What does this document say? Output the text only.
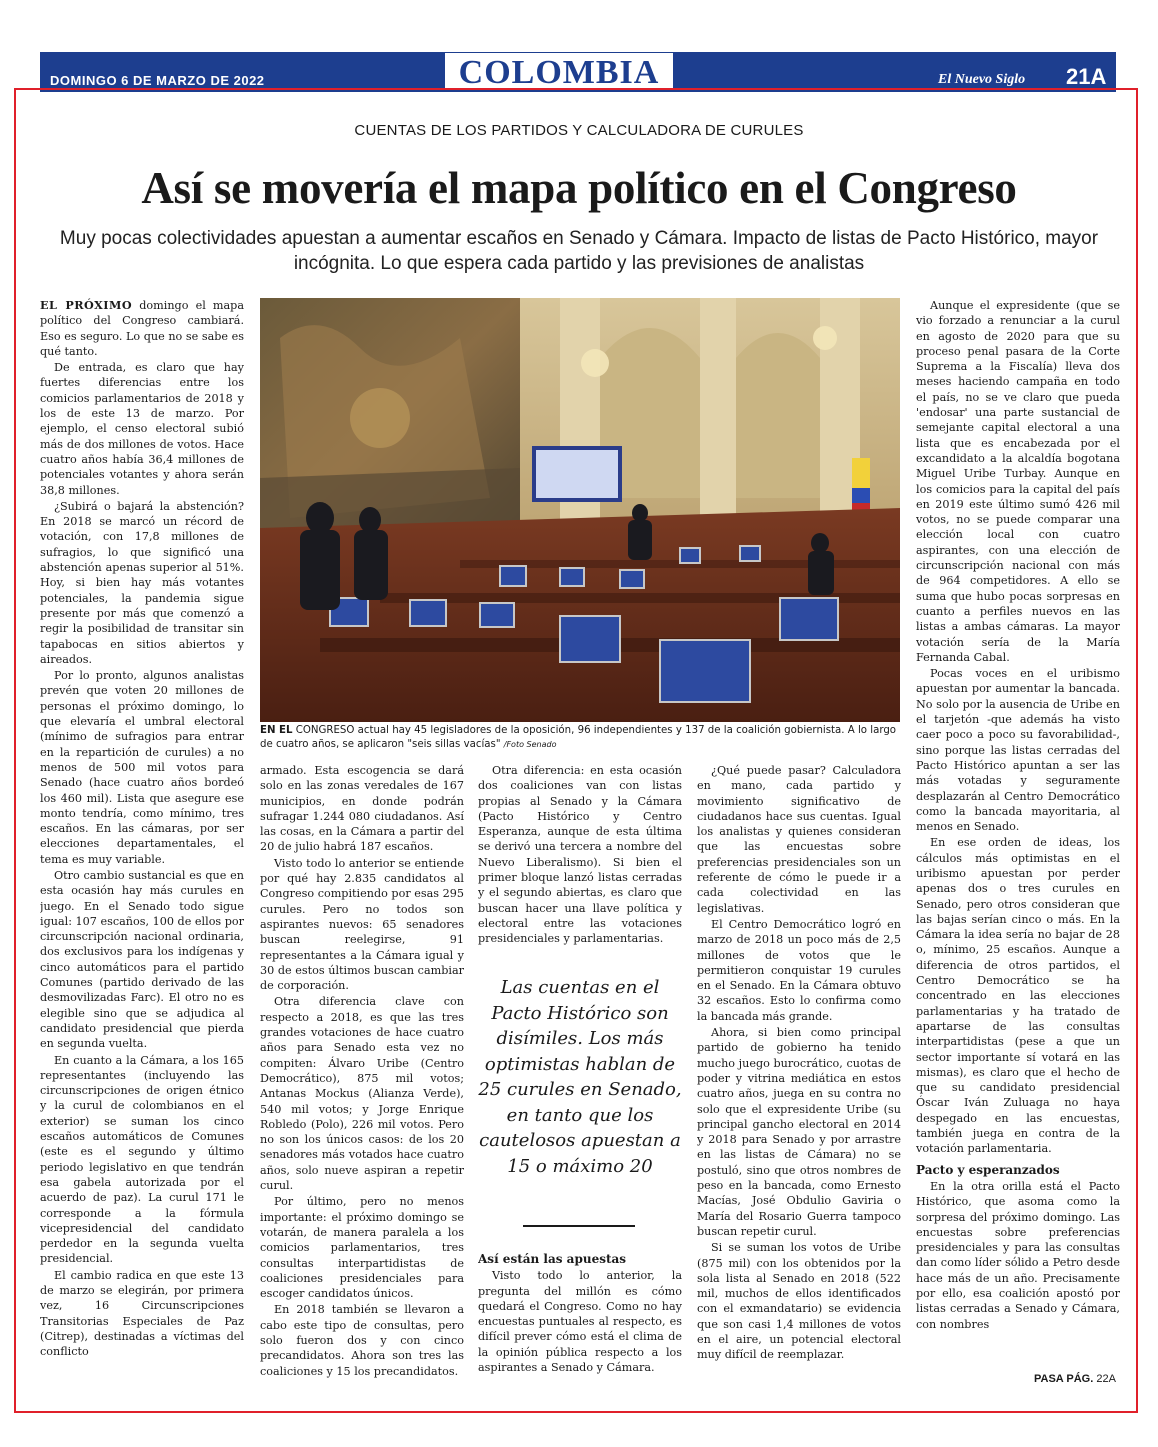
DOMINGO 6 DE MARZO DE 2022	COLOMBIA	El Nuevo Siglo 21A
CUENTAS DE LOS PARTIDOS Y CALCULADORA DE CURULES
Así se movería el mapa político en el Congreso
Muy pocas colectividades apuestan a aumentar escaños en Senado y Cámara. Impacto de listas de Pacto Histórico, mayor incógnita. Lo que espera cada partido y las previsiones de analistas

EL PRÓXIMO domingo el mapa político del Congreso cambiará. Eso es seguro. Lo que no se sabe es qué tanto.

De entrada, es claro que hay fuertes diferencias entre los comicios parlamentarios de 2018 y los de este 13 de marzo. Por ejemplo, el censo electoral subió más de dos millones de votos. Hace cuatro años había 36,4 millones de potenciales votantes y ahora serán 38,8 millones.

¿Subirá o bajará la abstención? En 2018 se marcó un récord de votación, con 17,8 millones de sufragios, lo que significó una abstención apenas superior al 51%. Hoy, si bien hay más votantes potenciales, la pandemia sigue presente por más que comenzó a regir la posibilidad de transitar sin tapabocas en sitios abiertos y aireados.

Por lo pronto, algunos analistas prevén que voten 20 millones de personas el próximo domingo, lo que elevaría el umbral electoral (mínimo de sufragios para entrar en la repartición de curules) a no menos de 500 mil votos para Senado (hace cuatro años bordeó los 460 mil). Lista que asegure ese monto tendría, como mínimo, tres escaños. En las cámaras, por ser elecciones departamentales, el tema es muy variable.

Otro cambio sustancial es que en esta ocasión hay más curules en juego. En el Senado todo sigue igual: 107 escaños, 100 de ellos por circunscripción nacional ordinaria, dos exclusivos para los indígenas y cinco automáticos para el partido Comunes (partido derivado de las desmovilizadas Farc). El otro no es elegible sino que se adjudica al candidato presidencial que pierda en segunda vuelta.

En cuanto a la Cámara, a los 165 representantes (incluyendo las circunscripciones de origen étnico y la curul de colombianos en el exterior) se suman los cinco escaños automáticos de Comunes (este es el segundo y último periodo legislativo en que tendrán esa gabela autorizada por el acuerdo de paz). La curul 171 le corresponde a la fórmula vicepresidencial del candidato perdedor en la segunda vuelta presidencial.

El cambio radica en que este 13 de marzo se elegirán, por primera vez, 16 Circunscripciones Transitorias Especiales de Paz (Citrep), destinadas a víctimas del conflicto

EN EL CONGRESO actual hay 45 legisladores de la oposición, 96 independientes y 137 de la coalición gobiernista. A lo largo de cuatro años, se aplicaron "seis sillas vacías" /Foto Senado

armado. Esta escogencia se dará solo en las zonas veredales de 167 municipios, en donde podrán sufragar 1.244 080 ciudadanos. Así las cosas, en la Cámara a partir del 20 de julio habrá 187 escaños.

Visto todo lo anterior se entiende por qué hay 2.835 candidatos al Congreso compitiendo por esas 295 curules. Pero no todos son aspirantes nuevos: 65 senadores buscan reelegirse, 91 representantes a la Cámara igual y 30 de estos últimos buscan cambiar de corporación.

Otra diferencia clave con respecto a 2018, es que las tres grandes votaciones de hace cuatro años para Senado esta vez no compiten: Álvaro Uribe (Centro Democrático), 875 mil votos; Antanas Mockus (Alianza Verde), 540 mil votos; y Jorge Enrique Robledo (Polo), 226 mil votos. Pero no son los únicos casos: de los 20 senadores más votados hace cuatro años, solo nueve aspiran a repetir curul.

Por último, pero no menos importante: el próximo domingo se votarán, de manera paralela a los comicios parlamentarios, tres consultas interpartidistas de coaliciones presidenciales para escoger candidatos únicos.

En 2018 también se llevaron a cabo este tipo de consultas, pero solo fueron dos y con cinco precandidatos. Ahora son tres las coaliciones y 15 los precandidatos.

Otra diferencia: en esta ocasión dos coaliciones van con listas propias al Senado y la Cámara (Pacto Histórico y Centro Esperanza, aunque de esta última se derivó una tercera a nombre del Nuevo Liberalismo). Si bien el primer bloque lanzó listas cerradas y el segundo abiertas, es claro que buscan hacer una llave política y electoral entre las votaciones presidenciales y parlamentarias.

Las cuentas en el Pacto Histórico son disímiles. Los más optimistas hablan de 25 curules en Senado, en tanto que los cautelosos apuestan a 15 o máximo 20

Así están las apuestas

Visto todo lo anterior, la pregunta del millón es cómo quedará el Congreso. Como no hay encuestas puntuales al respecto, es difícil prever cómo está el clima de la opinión pública respecto a los aspirantes a Senado y Cámara.

¿Qué puede pasar? Calculadora en mano, cada partido y movimiento significativo de ciudadanos hace sus cuentas. Igual los analistas y quienes consideran que las encuestas sobre preferencias presidenciales son un referente de cómo le puede ir a cada colectividad en las legislativas.

El Centro Democrático logró en marzo de 2018 un poco más de 2,5 millones de votos que le permitieron conquistar 19 curules en el Senado. En la Cámara obtuvo 32 escaños. Esto lo confirma como la bancada más grande.

Ahora, si bien como principal partido de gobierno ha tenido mucho juego burocrático, cuotas de poder y vitrina mediática en estos cuatro años, juega en su contra no solo que el expresidente Uribe (su principal gancho electoral en 2014 y 2018 para Senado y por arrastre en las listas de Cámara) no se postuló, sino que otros nombres de peso en la bancada, como Ernesto Macías, José Obdulio Gaviria o María del Rosario Guerra tampoco buscan repetir curul.

Si se suman los votos de Uribe (875 mil) con los obtenidos por la sola lista al Senado en 2018 (522 mil, muchos de ellos identificados con el exmandatario) se evidencia que son casi 1,4 millones de votos en el aire, un potencial electoral muy difícil de reemplazar.

Aunque el expresidente (que se vio forzado a renunciar a la curul en agosto de 2020 para que su proceso penal pasara de la Corte Suprema a la Fiscalía) lleva dos meses haciendo campaña en todo el país, no se ve claro que pueda 'endosar' una parte sustancial de semejante capital electoral a una lista que es encabezada por el excandidato a la alcaldía bogotana Miguel Uribe Turbay. Aunque en los comicios para la capital del país en 2019 este último sumó 426 mil votos, no se puede comparar una elección local con cuatro aspirantes, con una elección de circunscripción nacional con más de 964 competidores. A ello se suma que hubo pocas sorpresas en cuanto a perfiles nuevos en las listas a ambas cámaras. La mayor votación sería de la María Fernanda Cabal.

Pocas voces en el uribismo apuestan por aumentar la bancada. No solo por la ausencia de Uribe en el tarjetón -que además ha visto caer poco a poco su favorabilidad-, sino porque las listas cerradas del Pacto Histórico apuntan a ser las más votadas y seguramente desplazarán al Centro Democrático como la bancada mayoritaria, al menos en Senado.

En ese orden de ideas, los cálculos más optimistas en el uribismo apuestan por perder apenas dos o tres curules en Senado, pero otros consideran que las bajas serían cinco o más. En la Cámara la idea sería no bajar de 28 o, mínimo, 25 escaños. Aunque a diferencia de otros partidos, el Centro Democrático se ha concentrado en las elecciones parlamentarias y ha tratado de apartarse de las consultas interpartidistas (pese a que un sector importante sí votará en las mismas), es claro que el hecho de que su candidato presidencial Óscar Iván Zuluaga no haya despegado en las encuestas, también juega en contra de la votación parlamentaria.

Pacto y esperanzados

En la otra orilla está el Pacto Histórico, que asoma como la sorpresa del próximo domingo. Las encuestas sobre preferencias presidenciales y para las consultas dan como líder sólido a Petro desde hace más de un año. Precisamente por ello, esa coalición apostó por listas cerradas a Senado y Cámara, con nombres

PASA PÁG. 22A
